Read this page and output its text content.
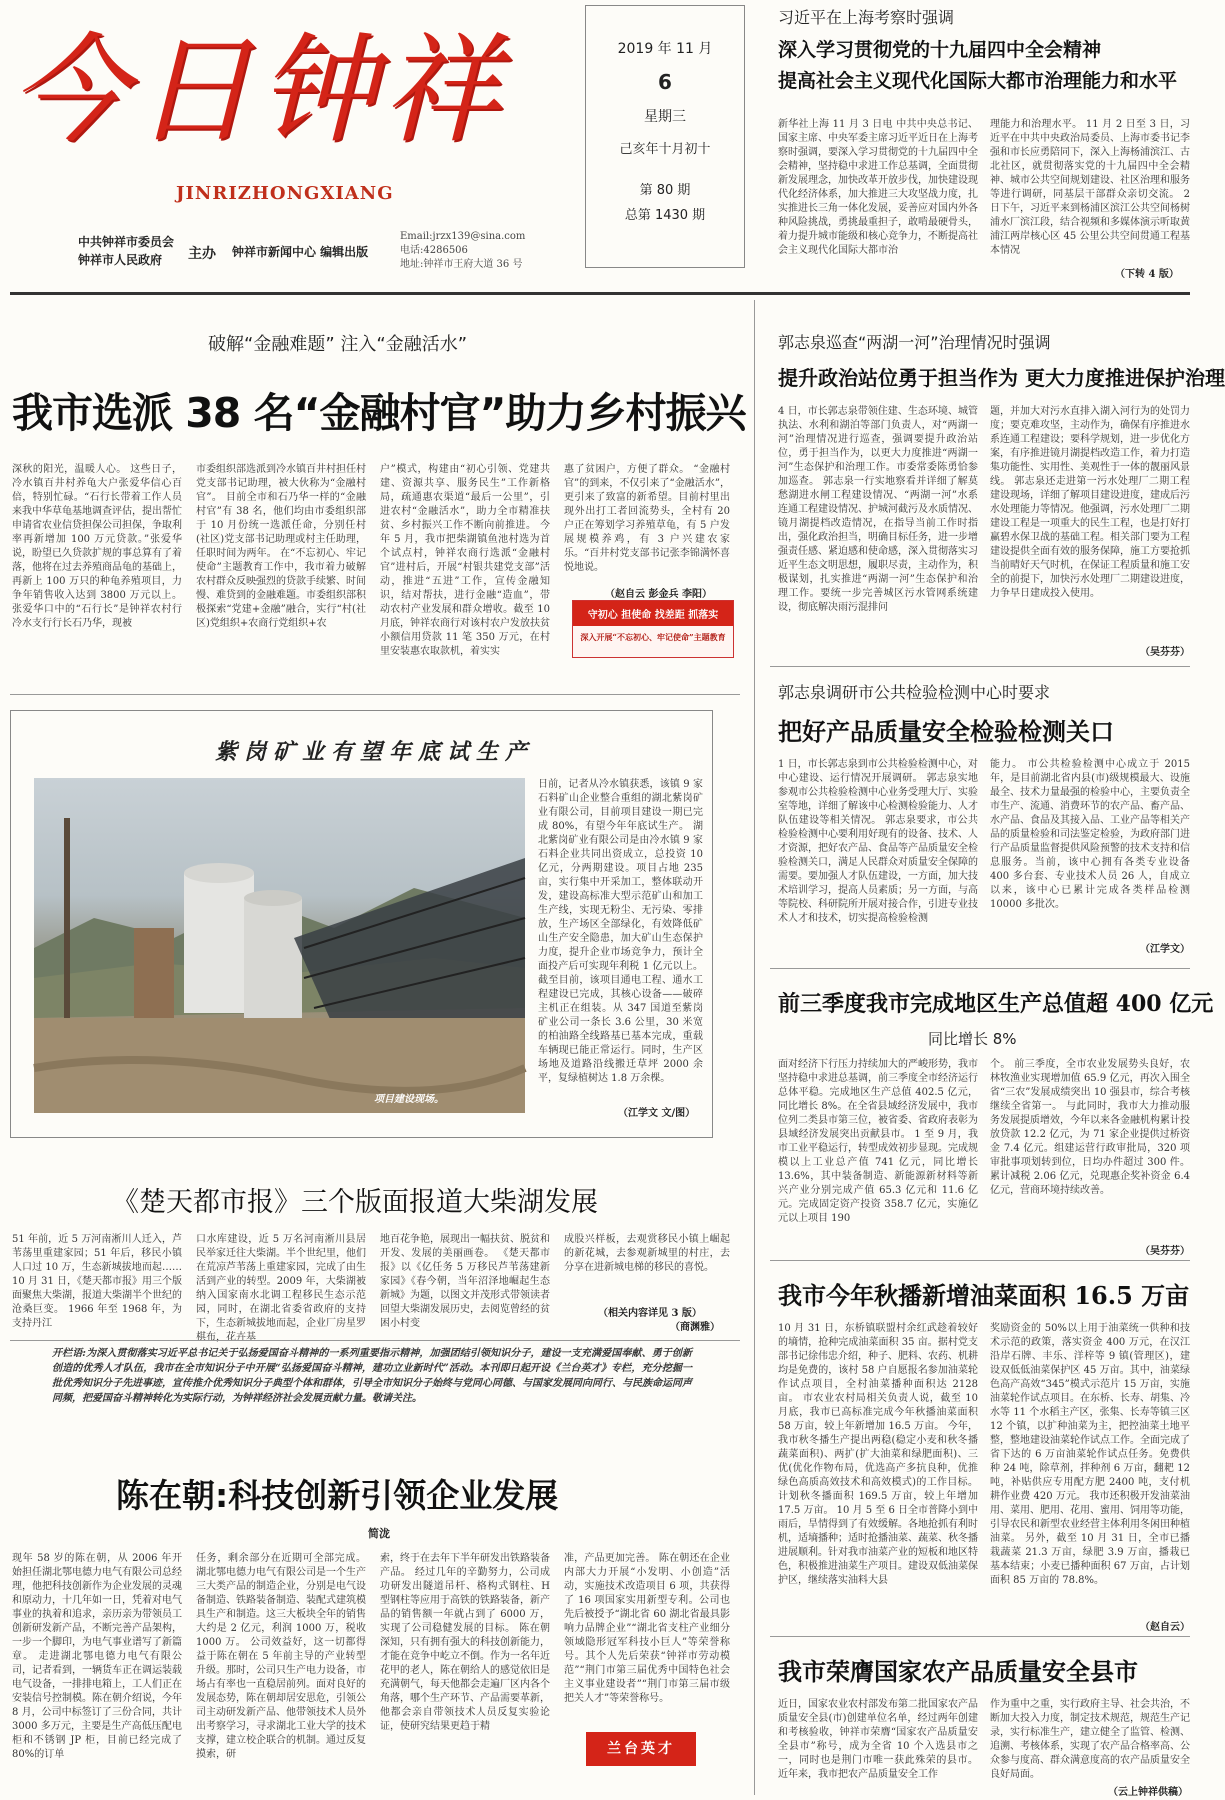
今日钟祥
JINRIZHONGXIANG
中共钟祥市委员会
钟祥市人民政府	主办 钟祥市新闻中心 编辑出版
Email:jrzx139@sina.com
电话:4286506
地址:钟祥市王府大道 36 号
2019 年 11 月
6
星期三
己亥年十月初十
第 80 期
总第 1430 期
习近平在上海考察时强调
深入学习贯彻党的十九届四中全会精神
提高社会主义现代化国际大都市治理能力和水平
新华社上海 11 月 3 日电 中共中央总书记、国家主席、中央军委主席习近平近日在上海考察时强调，要深入学习贯彻党的十九届四中全会精神，坚持稳中求进工作总基调，全面贯彻新发展理念，加快改革开放步伐，加快建设现代化经济体系，加大推进三大攻坚战力度，扎实推进长三角一体化发展，妥善应对国内外各种风险挑战，勇挑最重担子，敢啃最硬骨头，着力提升城市能级和核心竞争力，不断提高社会主义现代化国际大都市治
理能力和治理水平。 11 月 2 日至 3 日，习近平在中共中央政治局委员、上海市委书记李强和市长应勇陪同下，深入上海杨浦滨江、古北社区，就贯彻落实党的十九届四中全会精神、城市公共空间规划建设、社区治理和服务等进行调研，同基层干部群众亲切交流。 2 日下午，习近平来到杨浦区滨江公共空间杨树浦水厂滨江段，结合视频和多媒体演示听取黄浦江两岸核心区 45 公里公共空间贯通工程基本情况
（下转 4 版）
破解“金融难题” 注入“金融活水”
我市选派 38 名“金融村官”助力乡村振兴
深秋的阳光，温暖人心。 这些日子，冷水镇百井村养龟大户张爱华信心百倍，特别忙碌。“石行长带着工作人员来我中华草龟基地调查评估，提出帮忙申请省农业信贷担保公司担保，争取利率再新增加 100 万元贷款。”张爱华说，盼望已久贷款扩规的事总算有了着落，他将在过去养殖商品龟的基础上，再新上 100 万只的种龟养殖项目，力争年销售收入达到 3800 万元以上。 张爱华口中的“石行长”是钟祥农村行冷水支行行长石乃华，现被
市委组织部选派到冷水镇百井村担任村党支部书记助理，被大伙称为“金融村官”。 目前全市和石乃华一样的“金融村官”有 38 名，他们均由市委组织部于 10 月份统一选派任命，分别任村(社区)党支部书记助理或村主任助理，任职时间为两年。 在“不忘初心、牢记使命”主题教育工作中，我市着力破解农村群众反映强烈的贷款手续繁、时间慢、难贷到的金融难题。市委组织部积极探索“党建+金融”融合，实行“村(社区)党组织+农商行党组织+农
户”模式，构建由“初心引领、党建共建、资源共享、服务民生”工作新格局，疏通惠农渠道“最后一公里”，引进农村“金融活水”，助力全市精准扶贫、乡村振兴工作不断向前推进。 今年 5 月，我市把柴湖镇鱼池村选为首个试点村，钟祥农商行选派“金融村官”进村后，开展“村银共建党支部”活动，推进“五进”工作，宣传金融知识，结对帮扶，进行金融“造血”，带动农村产业发展和群众增收。截至 10 月底，钟祥农商行对该村农户发放扶贫小额信用贷款 11 笔 350 万元，在村里安装惠农取款机，着实实
惠了贫困户，方便了群众。 “金融村官”的到来，不仅引来了“金融活水”，更引来了致富的新希望。目前村里出现外出打工者回流势头，全村有 20 户正在筹划学习养殖草龟，有 5 户发展规模养鸡，有 3 户兴建农家乐。“百井村党支部书记张李锦满怀喜悦地说。
（赵自云 彭金兵 李阳）
守初心 担使命 找差距 抓落实
深入开展“不忘初心、牢记使命”主题教育
紫岗矿业有望年底试生产
项目建设现场。
日前，记者从冷水镇获悉，该镇 9 家石料矿山企业整合重组的湖北紫岗矿业有限公司，目前项目建设一期已完成 80%，有望今年年底试生产。 湖北紫岗矿业有限公司是由冷水镇 9 家石料企业共同出资成立，总投资 10 亿元，分两期建设。项目占地 235 亩，实行集中开采加工，整体联动开发，建设高标准大型示范矿山和加工生产线，实现无粉尘、无污染、零排放，生产场区全部绿化，有效降低矿山生产安全隐患，加大矿山生态保护力度，提升企业市场竞争力，预计全面投产后可实现年利税 1 亿元以上。 截至目前，该项目通电工程、通水工程建设已完成，其核心设备——破碎主机正在组装。从 347 国道至紫岗矿业公司一条长 3.6 公里，30 米宽的柏油路全线路基已基本完成，重载车辆现已能正常运行。同时，生产区场地及道路沿线搬迁草坪 2000 余平，复绿植树达 1.8 万余棵。
（江学文 文/图）
《楚天都市报》三个版面报道大柴湖发展
51 年前，近 5 万河南淅川人迁入，芦苇荡里重建家园；51 年后，移民小镇人口过 10 万，生态新城拔地而起……10 月 31 日，《楚天都市报》用三个版面聚焦大柴湖，报道大柴湖半个世纪的沧桑巨变。 1966 年至 1968 年，为支持丹江
口水库建设，近 5 万名河南淅川县居民举家迁往大柴湖。半个世纪里，他们在荒凉芦苇荡上重建家园，完成了由生活到产业的转型。2009 年，大柴湖被纳入国家南水北调工程移民生态示范园，同时，在湖北省委省政府的支持下，生态新城拔地而起，企业厂房星罗棋布，花卉基
地百花争艳，展现出一幅扶贫、脱贫和开发、发展的美丽画卷。 《楚天都市报》以《亿任务 5 万移民芦苇荡建新家园》《春今朝，当年沼泽地崛起生态新城》为题，以图文并茂形式带领读者回望大柴湖发展历史，去阅览曾经的贫困小村变
成股兴样板，去观赏移民小镇上崛起的新花城，去参观新城里的村庄，去分享在进新城电梯的移民的喜悦。
（相关内容详见 3 版）
（商渊雅）
开栏语:为深入贯彻落实习近平总书记关于弘扬爱国奋斗精神的一系列重要指示精神，加强团结引领知识分子，建设一支充满爱国奉献、勇于创新创造的优秀人才队伍，我市在全市知识分子中开展“弘扬爱国奋斗精神，建功立业新时代”活动。本刊即日起开设《兰台英才》专栏，充分挖掘一批优秀知识分子先进事迹，宣传推介优秀知识分子典型个体和群体，引导全市知识分子始终与党同心同德、与国家发展同向同行、与民族命运同声同频，把爱国奋斗精神转化为实际行动，为钟祥经济社会发展贡献力量。敬请关注。
陈在朝:科技创新引领企业发展
简泷
现年 58 岁的陈在朝，从 2006 年开始担任湖北鄂电德力电气有限公司总经理，他把科技创新作为企业发展的灵魂和原动力，十几年如一日，凭着对电气事业的执着和追求，亲历亲为带领员工创新研发新产品，不断完善产品架构，一步一个脚印，为电气事业谱写了新篇章。 走进湖北鄂电德力电气有限公司，记者看到，一辆货车正在调运装载电气设备，一排排电箱上，工人们正在安装信号控制模。陈在朝介绍说，今年 8 月，公司中标签订了三份合同，共计 3000 多万元，主要是生产高低压配电柜和不锈钢 JP 柜，目前已经完成了 80%的订单
任务，剩余部分在近期可全部完成。 湖北鄂电德力电气有限公司是一个生产三大类产品的制造企业，分别是电气设备制造、铁路装备制造、装配式建筑模具生产和制造。这三大板块全年的销售大约是 2 亿元，利润 1000 万，税收 1000 万。 公司效益好，这一切都得益于陈在朝在 5 年前主导的产业转型升级。那时，公司只生产电力设备，市场占有率也一直稳居前列。面对良好的发展态势，陈在朝却居安思危，引领公司主动研发新产品、他带领技术人员外出考察学习，寻求湖北工业大学的技术支撑，建立校企联合的机制。通过反复摸索，研
索，终于在去年下半年研发出铁路装备产品。 经过几年的辛勤努力，公司成功研发出隧道吊杆、格构式钢柱、H 型钢柱等应用于高铁的铁路装备，新产品的销售额一年就占到了 6000 万，实现了公司稳健发展的目标。 陈在朝深知，只有拥有强大的科技创新能力，才能在竞争中屹立不倒。作为一名年近花甲的老人，陈在朝给人的感觉依旧是充满朝气，每天他都会走遍厂区内各个角落，哪个生产环节、产品需要革新，他都会亲自带领技术人员反复实验论证，使研究结果更趋于精
准，产品更加完善。 陈在朝还在企业内部大力开展“小发明、小创造”活动，实施技术改造项目 6 项，共获得了 16 项国家实用新型专利。公司也先后被授予“湖北省 60 湖北省最具影响力品牌企业”“湖北省支柱产业细分领域隐形冠军科技小巨人”等荣誉称号。其个人先后荣获“钟祥市劳动模范”“荆门市第三届优秀中国特色社会主义事业建设者”“荆门市第三届市级把关人才”等荣誉称号。
兰台英才
郭志泉巡查“两湖一河”治理情况时强调
提升政治站位勇于担当作为 更大力度推进保护治理
4 日，市长郭志泉带领住建、生态环境、城管执法、水利和湖泊等部门负责人，对“两湖一河”治理情况进行巡查，强调要提升政治站位，勇于担当作为，以更大力度推进“两湖一河”生态保护和治理工作。市委常委陈勇恰参加巡查。 郭志泉一行实地察看并详细了解莫愁湖进水闸工程建设情况、“两湖一河”水系连通工程建设情况、护城河截污及水质情况、镜月湖提档改造情况，在指导当前工作时指出，强化政治担当，明确目标任务，进一步增强责任感、紧迫感和使命感，深入贯彻落实习近平生态文明思想，履职尽责，主动作为，积极谋划，扎实推进“两湖一河”生态保护和治理工作。要统一步完善城区污水管网系统建设，彻底解决雨污混排问
题，并加大对污水直排入湖入河行为的处罚力度；要克难攻坚，主动作为，确保有序推进水系连通工程建设；要科学规划，进一步优化方案，有序推进镜月湖提档改造工作，着力打造集功能性、实用性、美观性于一体的靓丽风景线。 郭志泉还走进第一污水处理厂二期工程建设现场，详细了解项目建设进度，建成后污水处理能力等情况。他强调，污水处理厂二期建设工程是一项重大的民生工程，也是打好打赢碧水保卫战的基础工程。相关部门要为工程建设提供全面有效的服务保障，施工方要抢抓当前晴好天气时机，在保证工程质量和施工安全的前提下，加快污水处理厂二期建设进度，力争早日建成投入使用。
（吴芬芬）
郭志泉调研市公共检验检测中心时要求
把好产品质量安全检验检测关口
1 日，市长郭志泉到市公共检验检测中心，对中心建设、运行情况开展调研。 郭志泉实地参观市公共检验检测中心业务受理大厅、实验室等地，详细了解该中心检测检验能力、人才队伍建设等相关情况。 郭志泉要求，市公共检验检测中心要利用好现有的设备、技术、人才资源，把好农产品、食品等产品质量安全检验检测关口，满足人民群众对质量安全保障的需要。要加强人才队伍建设，一方面，加大技术培训学习，提高人员素质；另一方面，与高等院校、科研院所开展对接合作，引进专业技术人才和技术，切实提高检验检测
能力。 市公共检验检测中心成立于 2015 年，是目前湖北省内县(市)级规模最大、设施最全、技术力量最强的检验中心，主要负责全市生产、流通、消费环节的农产品、畜产品、水产品、食品及其接入品、工业产品等相关产品的质量检验和司法鉴定检验，为政府部门进行产品质量监督提供风险预警的技术支持和信息服务。当前，该中心拥有各类专业设备 400 多台套、专业技术人员 26 人，自成立以来，该中心已累计完成各类样品检测 10000 多批次。
（江学文）
前三季度我市完成地区生产总值超 400 亿元
同比增长 8%
面对经济下行压力持续加大的严峻形势，我市坚持稳中求进总基调，前三季度全市经济运行总体平稳。完成地区生产总值 402.5 亿元，同比增长 8%。在全省县域经济发展中，我市位列二类县市第三位，被省委、省政府表彰为县域经济发展突出贡献县市。 1 至 9 月，我市工业平稳运行，转型成效初步显现。完成规模以上工业总产值 741 亿元，同比增长 13.6%，其中装备制造、新能源新材料等新兴产业分别完成产值 65.3 亿元和 11.6 亿元。完成固定资产投资 358.7 亿元，实施亿元以上项目 190
个。 前三季度，全市农业发展势头良好，农林牧渔业实现增加值 65.9 亿元，再次入围全省“三农”发展成绩突出 10 强县市，综合考核继续全省第一。 与此同时，我市大力推动服务发展提质增效，今年以来各金融机构累计投放贷款 12.2 亿元，为 71 家企业提供过桥资金 7.4 亿元。组建运营行政审批局，320 项审批事项划转到位，日均办件超过 300 件。累计减税 2.06 亿元，兑现惠企奖补资金 6.4 亿元，营商环境持续改善。
（吴芬芬）
我市今年秋播新增油菜面积 16.5 万亩
10 月 31 日，东桥镇联盟村余红武趁着较好的墒情，抢种完成油菜面积 35 亩。据村党支部书记徐伟忠介绍，种子、肥料、农药、机耕均是免费的，该村 58 户自愿报名参加油菜轮作试点项目，全村油菜播种面积达 2128 亩。 市农业农村局相关负责人说，截至 10 月底，我市已高标准完成今年秋播油菜面积 58 万亩，较上年新增加 16.5 万亩。 今年，我市秋冬播生产提出两稳(稳定小麦和秋冬播蔬菜面积)、两扩(扩大油菜和绿肥面积)、三优(优化作物布局，优选高产多抗良种，优推绿色高质高效技术和高效模式)的工作目标。计划秋冬播面积 169.5 万亩，较上年增加 17.5 万亩。 10 月 5 至 6 日全市普降小到中雨后，旱情得到了有效缓解。各地抢抓有利时机，适墒播种；适时抢播油菜、蔬菜、秋冬播进展顺利。针对我市油菜产业的短板和地区特色，积极推进油菜生产项目。建设双低油菜保护区，继续落实油料大县
奖励资金的 50%以上用于油菜统一供种和技术示范的政策，落实资金 400 万元，在汉江沿岸石牌、丰乐、洋梓等 9 镇(管理区)，建设双低低油菜保护区 45 万亩。其中，油菜绿色高产高效“345”模式示范片 15 万亩，实施油菜轮作试点项目。在东桥、长寿、胡集、冷水等 11 个水稻主产区，张集、长寿等镇三区 12 个镇，以扩种油菜为主，把控油菜土地平整，整地建设油菜轮作试点工作。全面完成了省下达的 6 万亩油菜轮作试点任务。免费供种 24 吨，除草剂，拌种剂 6 万亩，翻耙 12 吨，补贴供应专用配方肥 2400 吨，支付机耕作业费 420 万元。 我市还积极开发油菜油用、菜用、肥用、花用、蜜用、饲用等功能，引导农民和新型农业经营主体利用冬闲田种植油菜。 另外，截至 10 月 31 日，全市已播栽蔬菜 21.3 万亩，绿肥 3.9 万亩，播栽已基本结束；小麦已播种面积 67 万亩，占计划面积 85 万亩的 78.8%。
（赵自云）
我市荣膺国家农产品质量安全县市
近日，国家农业农村部发布第二批国家农产品质量安全县(市)创建单位名单，经过两年创建和考核验收，钟祥市荣膺“国家农产品质量安全县市”称号，成为全省 10 个入选县市之一，同时也是荆门市唯一获此殊荣的县市。 近年来，我市把农产品质量安全工作
作为重中之重，实行政府主导、社会共治，不断加大投入力度，制定技术规范，规范生产记录，实行标准生产，建立健全了监管、检测、追溯、考核体系，实现了农产品合格率高、公众参与度高、群众满意度高的农产品质量安全良好局面。
（云上钟祥供稿）
